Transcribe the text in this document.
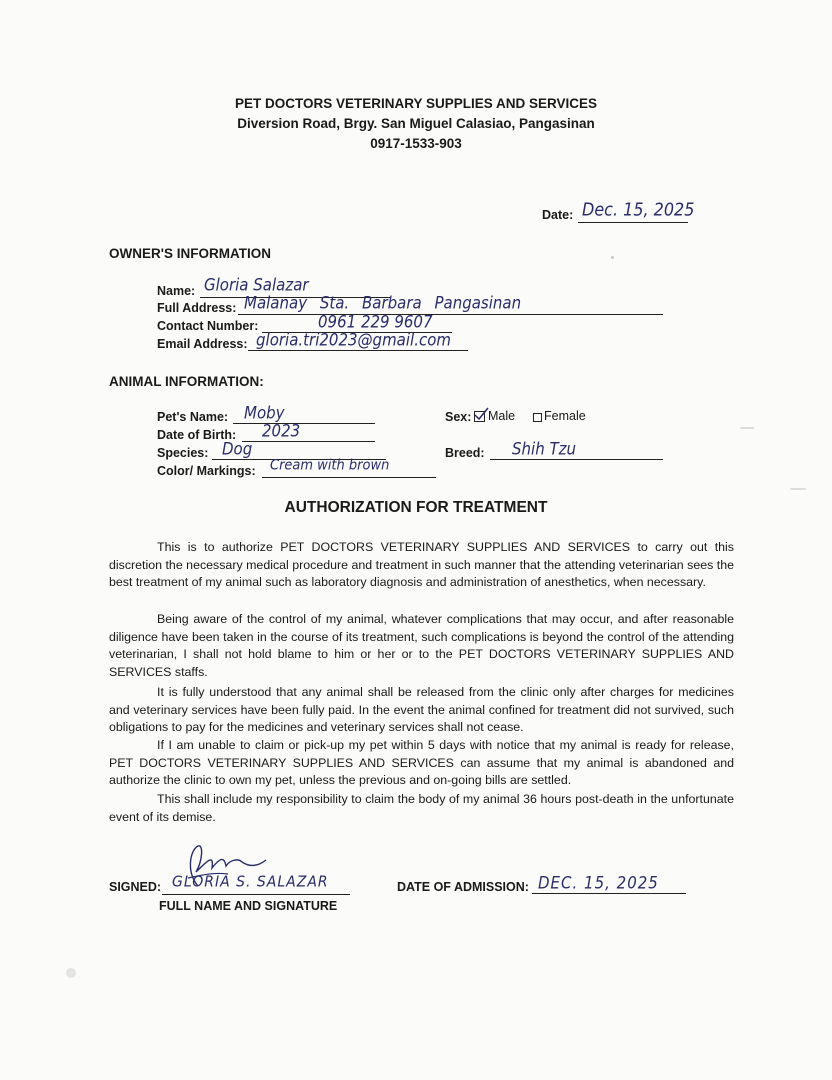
PET DOCTORS VETERINARY SUPPLIES AND SERVICES
Diversion Road, Brgy. San Miguel Calasiao, Pangasinan
0917-1533-903
Date: Dec. 15, 2025
OWNER'S INFORMATION
Name: Gloria Salazar
Full Address: Malanay Sta. Barbara Pangasinan
Contact Number:	0961 229 9607
Email Address: gloria.tri2023@gmail.com
ANIMAL INFORMATION:
Pet's Name: Moby
Date of Birth: 2023
Species: Dog
Color/ Markings: Cream with brown
Sex: Male Female
Breed: Shih Tzu
AUTHORIZATION FOR TREATMENT

This is to authorize PET DOCTORS VETERINARY SUPPLIES AND SERVICES to carry out this discretion the necessary medical procedure and treatment in such manner that the attending veterinarian sees the best treatment of my animal such as laboratory diagnosis and administration of anesthetics, when necessary.

Being aware of the control of my animal, whatever complications that may occur, and after reasonable diligence have been taken in the course of its treatment, such complications is beyond the control of the attending veterinarian, I shall not hold blame to him or her or to the PET DOCTORS VETERINARY SUPPLIES AND SERVICES staffs.

It is fully understood that any animal shall be released from the clinic only after charges for medicines and veterinary services have been fully paid. In the event the animal confined for treatment did not survived, such obligations to pay for the medicines and veterinary services shall not cease.

If I am unable to claim or pick-up my pet within 5 days with notice that my animal is ready for release, PET DOCTORS VETERINARY SUPPLIES AND SERVICES can assume that my animal is abandoned and authorize the clinic to own my pet, unless the previous and on-going bills are settled.

This shall include my responsibility to claim the body of my animal 36 hours post-death in the unfortunate event of its demise.

SIGNED: GLORIA S. SALAZAR
FULL NAME AND SIGNATURE
DATE OF ADMISSION: DEC. 15, 2025
